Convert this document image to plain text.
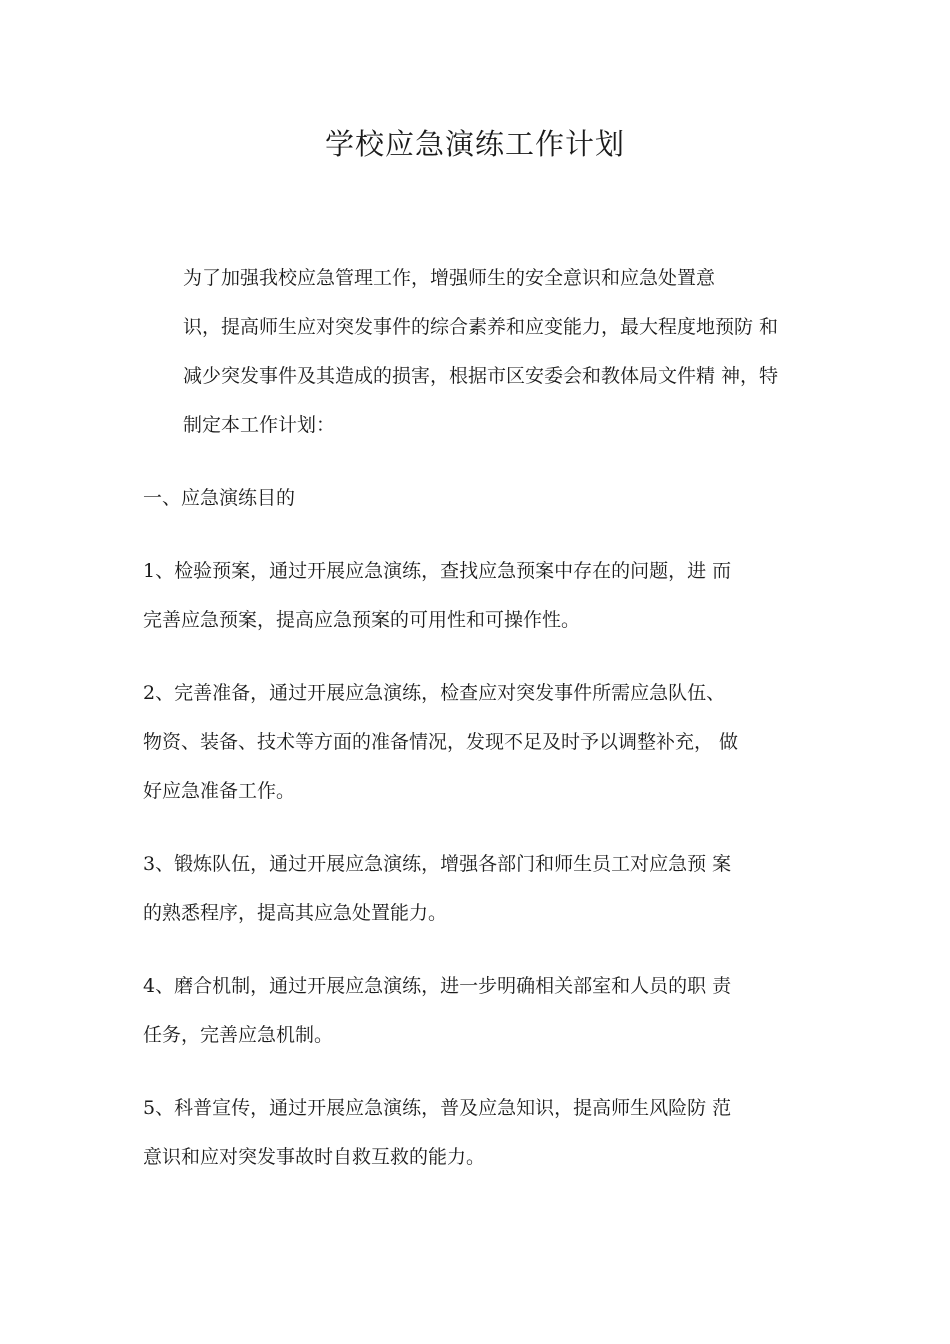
学校应急演练工作计划

为了加强我校应急管理工作，增强师生的安全意识和应急处置意
识，提高师生应对突发事件的综合素养和应变能力，最大程度地预防 和
减少突发事件及其造成的损害，根据市区安委会和教体局文件精 神，特
制定本工作计划：

一、应急演练目的

1、检验预案，通过开展应急演练，查找应急预案中存在的问题，进 而
完善应急预案，提高应急预案的可用性和可操作性。

2、完善准备，通过开展应急演练，检查应对突发事件所需应急队伍、
物资、装备、技术等方面的准备情况，发现不足及时予以调整补充， 做
好应急准备工作。

3、锻炼队伍，通过开展应急演练，增强各部门和师生员工对应急预 案
的熟悉程序，提高其应急处置能力。

4、磨合机制，通过开展应急演练，进一步明确相关部室和人员的职 责
任务，完善应急机制。

5、科普宣传，通过开展应急演练，普及应急知识，提高师生风险防 范
意识和应对突发事故时自救互救的能力。
